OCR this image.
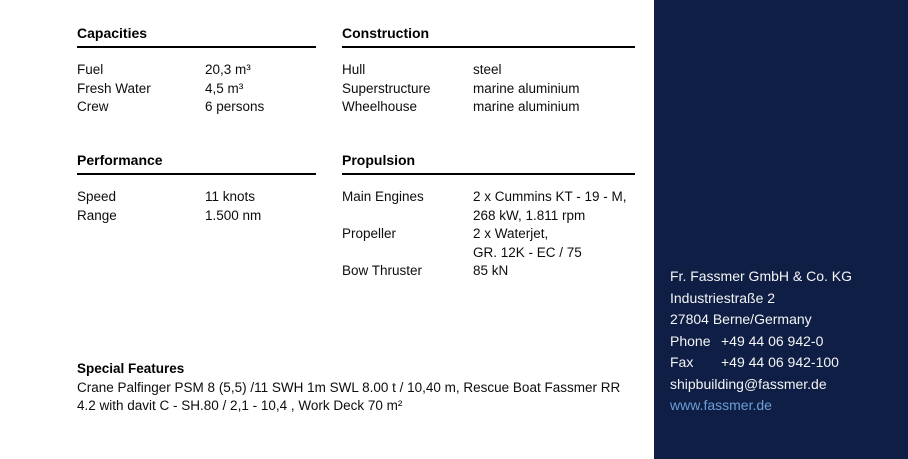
Capacities
Fuel	20,3 m³
Fresh Water	4,5 m³
Crew	6 persons
Construction
Hull	steel
Superstructure	marine aluminium
Wheelhouse	marine aluminium
Performance
Speed	11 knots
Range	1.500 nm
Propulsion
Main Engines	2 x Cummins KT - 19 - M,
268 kW, 1.811 rpm
Propeller	2 x Waterjet,
GR. 12K - EC / 75
Bow Thruster	85 kN
Special Features
Crane Palfinger PSM 8 (5,5) /11 SWH 1m SWL 8.00 t / 10,40 m, Rescue Boat Fassmer RR 4.2 with davit C - SH.80 / 2,1 - 10,4 , Work Deck 70 m²
Fr. Fassmer GmbH & Co. KG
Industriestraße 2
27804 Berne/Germany
Phone +49 44 06 942-0
Fax	+49 44 06 942-100
shipbuilding@fassmer.de
www.fassmer.de
